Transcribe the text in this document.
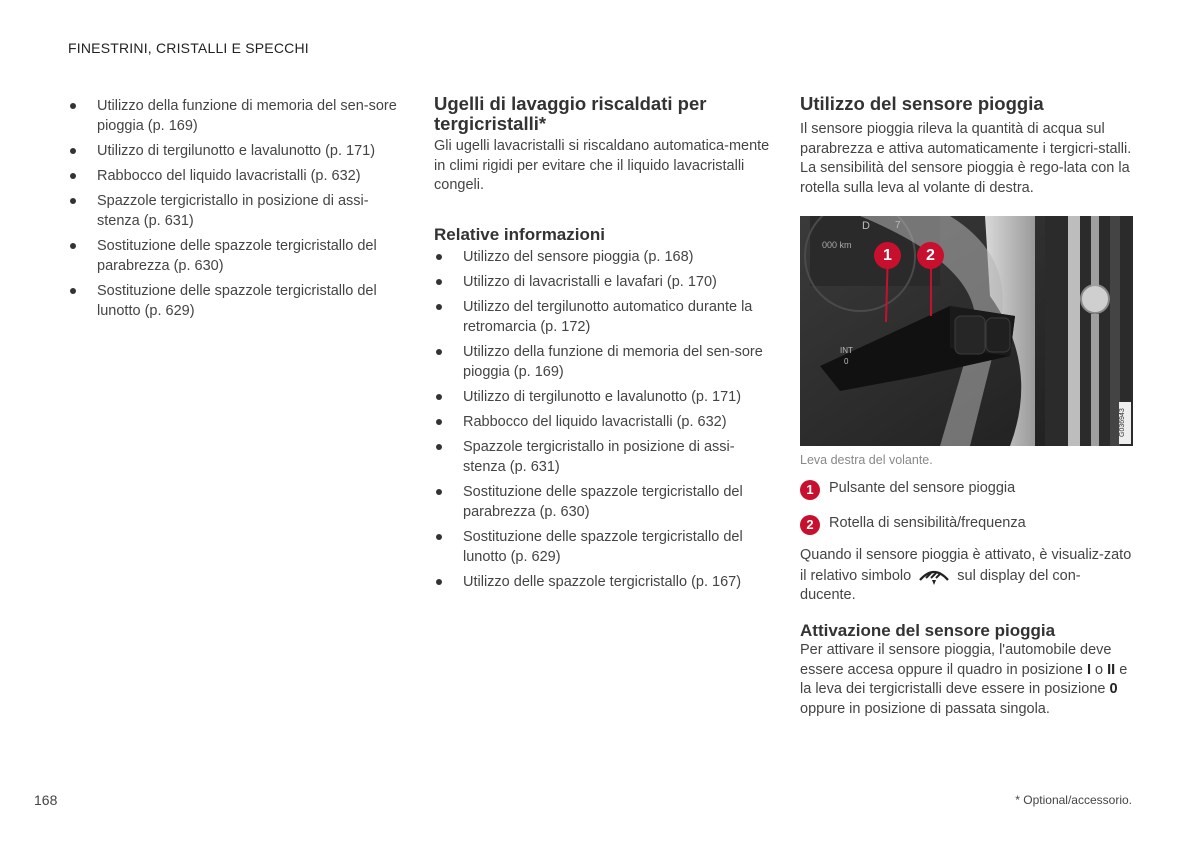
FINESTRINI, CRISTALLI E SPECCHI
Utilizzo della funzione di memoria del sen-sore pioggia (p. 169)
Utilizzo di tergilunotto e lavalunotto (p. 171)
Rabbocco del liquido lavacristalli (p. 632)
Spazzole tergicristallo in posizione di assi-stenza (p. 631)
Sostituzione delle spazzole tergicristallo del parabrezza (p. 630)
Sostituzione delle spazzole tergicristallo del lunotto (p. 629)
Ugelli di lavaggio riscaldati per tergicristalli*

Gli ugelli lavacristalli si riscaldano automatica-mente in climi rigidi per evitare che il liquido lavacristalli congeli.

Relative informazioni
Utilizzo del sensore pioggia (p. 168)
Utilizzo di lavacristalli e lavafari (p. 170)
Utilizzo del tergilunotto automatico durante la retromarcia (p. 172)
Utilizzo della funzione di memoria del sen-sore pioggia (p. 169)
Utilizzo di tergilunotto e lavalunotto (p. 171)
Rabbocco del liquido lavacristalli (p. 632)
Spazzole tergicristallo in posizione di assi-stenza (p. 631)
Sostituzione delle spazzole tergicristallo del parabrezza (p. 630)
Sostituzione delle spazzole tergicristallo del lunotto (p. 629)
Utilizzo delle spazzole tergicristallo (p. 167)
Utilizzo del sensore pioggia

Il sensore pioggia rileva la quantità di acqua sul parabrezza e attiva automaticamente i tergicri-stalli. La sensibilità del sensore pioggia è rego-lata con la rotella sulla leva al volante di destra.

000 km
D	7
INT
0
1	2
G036943
Leva destra del volante.
1	Pulsante del sensore pioggia
2	Rotella di sensibilità/frequenza

Quando il sensore pioggia è attivato, è visualiz-zato il relativo simbolo	sul display del con-ducente.

Attivazione del sensore pioggia

Per attivare il sensore pioggia, l'automobile deve essere accesa oppure il quadro in posizione I o II e la leva dei tergicristalli deve essere in posizione 0 oppure in posizione di passata singola.

168	* Optional/accessorio.
